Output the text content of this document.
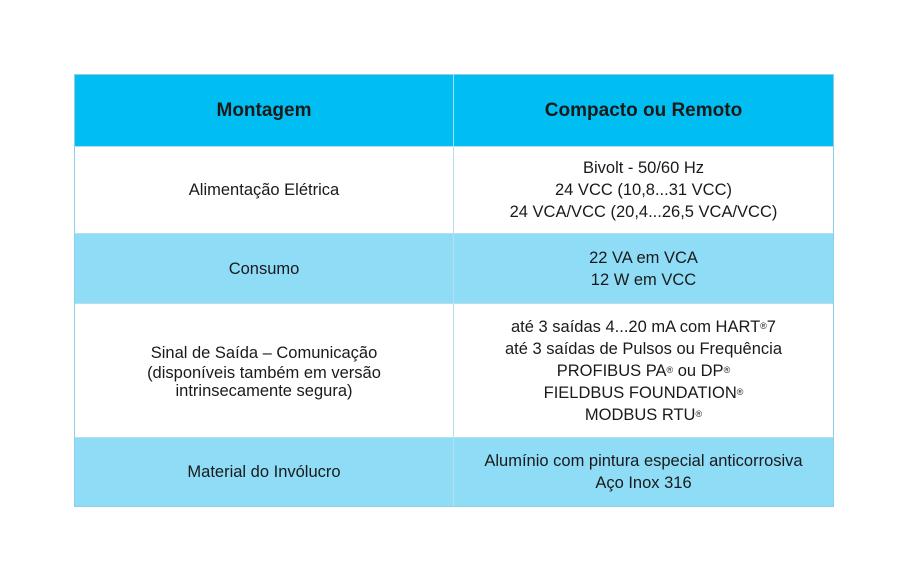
Montagem	Compacto ou Remoto
Alimentação Elétrica
Bivolt - 50/60 Hz
24 VCC (10,8...31 VCC)
24 VCA/VCC (20,4...26,5 VCA/VCC)
Consumo
22 VA em VCA
12 W em VCC
Sinal de Saída – Comunicação
(disponíveis também em versão
intrinsecamente segura)
até 3 saídas 4...20 mA com HART®7
até 3 saídas de Pulsos ou Frequência
PROFIBUS PA® ou DP®
FIELDBUS FOUNDATION®
MODBUS RTU®
Material do Invólucro
Alumínio com pintura especial anticorrosiva
Aço Inox 316
